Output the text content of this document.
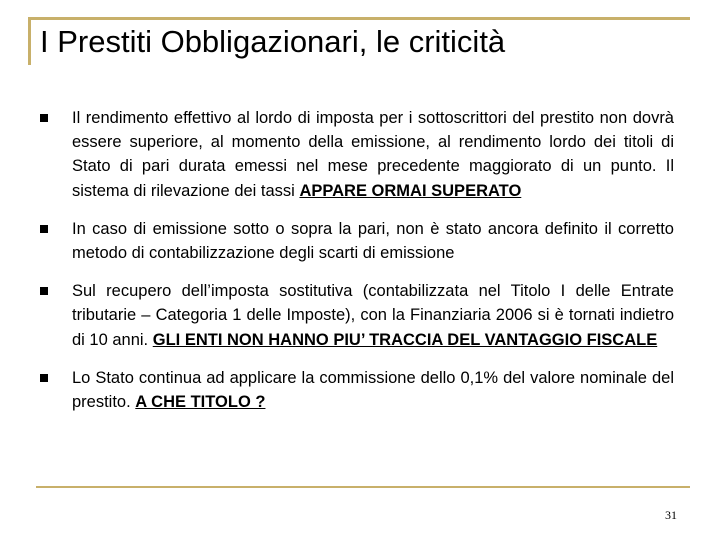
I Prestiti Obbligazionari, le criticità
Il rendimento effettivo al lordo di imposta per i sottoscrittori del prestito non dovrà essere superiore, al momento della emissione, al rendimento lordo dei titoli di Stato di pari durata emessi nel mese precedente maggiorato di un punto. Il sistema di rilevazione dei tassi APPARE ORMAI SUPERATO
In caso di emissione sotto o sopra la pari, non è stato ancora definito il corretto metodo di contabilizzazione degli scarti di emissione
Sul recupero dell’imposta sostitutiva (contabilizzata nel Titolo I delle Entrate tributarie – Categoria 1 delle Imposte), con la Finanziaria 2006 si è tornati indietro di 10 anni. GLI ENTI NON HANNO PIU’ TRACCIA DEL VANTAGGIO FISCALE
Lo Stato continua ad applicare la commissione dello 0,1% del valore nominale del prestito. A CHE TITOLO ?
31
